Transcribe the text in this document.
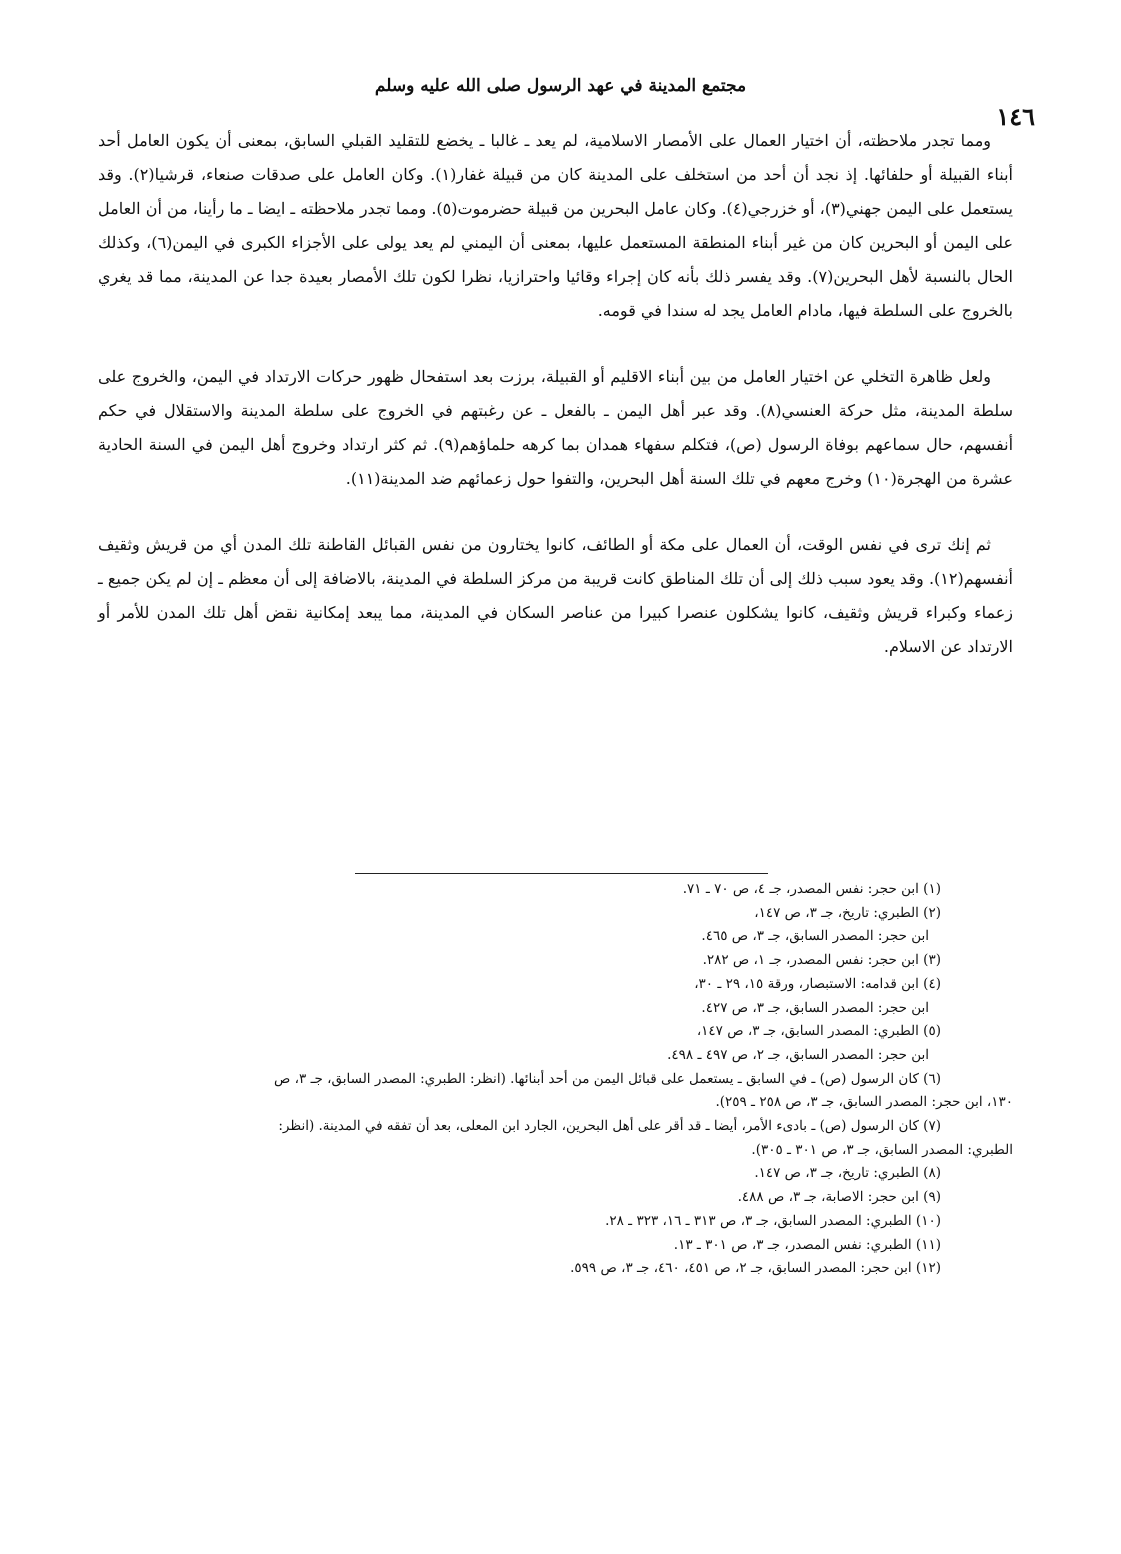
مجتمع المدينة في عهد الرسول صلى الله عليه وسلم
١٤٦

ومما تجدر ملاحظته، أن اختيار العمال على الأمصار الاسلامية، لم يعد ـ غالبا ـ يخضع للتقليد القبلي السابق، بمعنى أن يكون العامل أحد أبناء القبيلة أو حلفائها. إذ نجد أن أحد من استخلف على المدينة كان من قبيلة غفار(١). وكان العامل على صدقات صنعاء، قرشيا(٢). وقد يستعمل على اليمن جهني(٣)، أو خزرجي(٤). وكان عامل البحرين من قبيلة حضرموت(٥). ومما تجدر ملاحظته ـ ايضا ـ ما رأينا، من أن العامل على اليمن أو البحرين كان من غير أبناء المنطقة المستعمل عليها، بمعنى أن اليمني لم يعد يولى على الأجزاء الكبرى في اليمن(٦)، وكذلك الحال بالنسبة لأهل البحرين(٧). وقد يفسر ذلك بأنه كان إجراء وقائيا واحترازيا، نظرا لكون تلك الأمصار بعيدة جدا عن المدينة، مما قد يغري بالخروج على السلطة فيها، مادام العامل يجد له سندا في قومه.

ولعل ظاهرة التخلي عن اختيار العامل من بين أبناء الاقليم أو القبيلة، برزت بعد استفحال ظهور حركات الارتداد في اليمن، والخروج على سلطة المدينة، مثل حركة العنسي(٨). وقد عبر أهل اليمن ـ بالفعل ـ عن رغبتهم في الخروج على سلطة المدينة والاستقلال في حكم أنفسهم، حال سماعهم بوفاة الرسول (ص)، فتكلم سفهاء همدان بما كرهه حلماؤهم(٩). ثم كثر ارتداد وخروج أهل اليمن في السنة الحادية عشرة من الهجرة(١٠) وخرج معهم في تلك السنة أهل البحرين، والتفوا حول زعمائهم ضد المدينة(١١).

ثم إنك ترى في نفس الوقت، أن العمال على مكة أو الطائف، كانوا يختارون من نفس القبائل القاطنة تلك المدن أي من قريش وثقيف أنفسهم(١٢). وقد يعود سبب ذلك إلى أن تلك المناطق كانت قريبة من مركز السلطة في المدينة، بالاضافة إلى أن معظم ـ إن لم يكن جميع ـ زعماء وكبراء قريش وثقيف، كانوا يشكلون عنصرا كبيرا من عناصر السكان في المدينة، مما يبعد إمكانية نقض أهل تلك المدن للأمر أو الارتداد عن الاسلام.

(١) ابن حجر: نفس المصدر، جـ ٤، ص ٧٠ ـ ٧١.

(٢) الطبري: تاريخ، جـ ٣، ص ١٤٧،

ابن حجر: المصدر السابق، جـ ٣، ص ٤٦٥.

(٣) ابن حجر: نفس المصدر، جـ ١، ص ٢٨٢.

(٤) ابن قدامه: الاستبصار، ورقة ١٥، ٢٩ ـ ٣٠،

ابن حجر: المصدر السابق، جـ ٣، ص ٤٢٧.

(٥) الطبري: المصدر السابق، جـ ٣، ص ١٤٧،

ابن حجر: المصدر السابق، جـ ٢، ص ٤٩٧ ـ ٤٩٨.

(٦) كان الرسول (ص) ـ في السابق ـ يستعمل على قبائل اليمن من أحد أبنائها. (انظر: الطبري: المصدر السابق، جـ ٣، ص

١٣٠، ابن حجر: المصدر السابق، جـ ٣، ص ٢٥٨ ـ ٢٥٩).

(٧) كان الرسول (ص) ـ بادىء الأمر، أيضا ـ قد أقر على أهل البحرين، الجارد ابن المعلى، بعد أن تفقه في المدينة. (انظر:

الطبري: المصدر السابق، جـ ٣، ص ٣٠١ ـ ٣٠٥).

(٨) الطبري: تاريخ، جـ ٣، ص ١٤٧.

(٩) ابن حجر: الاصابة، جـ ٣، ص ٤٨٨.

(١٠) الطبري: المصدر السابق، جـ ٣، ص ٣١٣ ـ ١٦، ٣٢٣ ـ ٢٨.

(١١) الطبري: نفس المصدر، جـ ٣، ص ٣٠١ ـ ١٣.

(١٢) ابن حجر: المصدر السابق، جـ ٢، ص ٤٥١، ٤٦٠، جـ ٣، ص ٥٩٩.
